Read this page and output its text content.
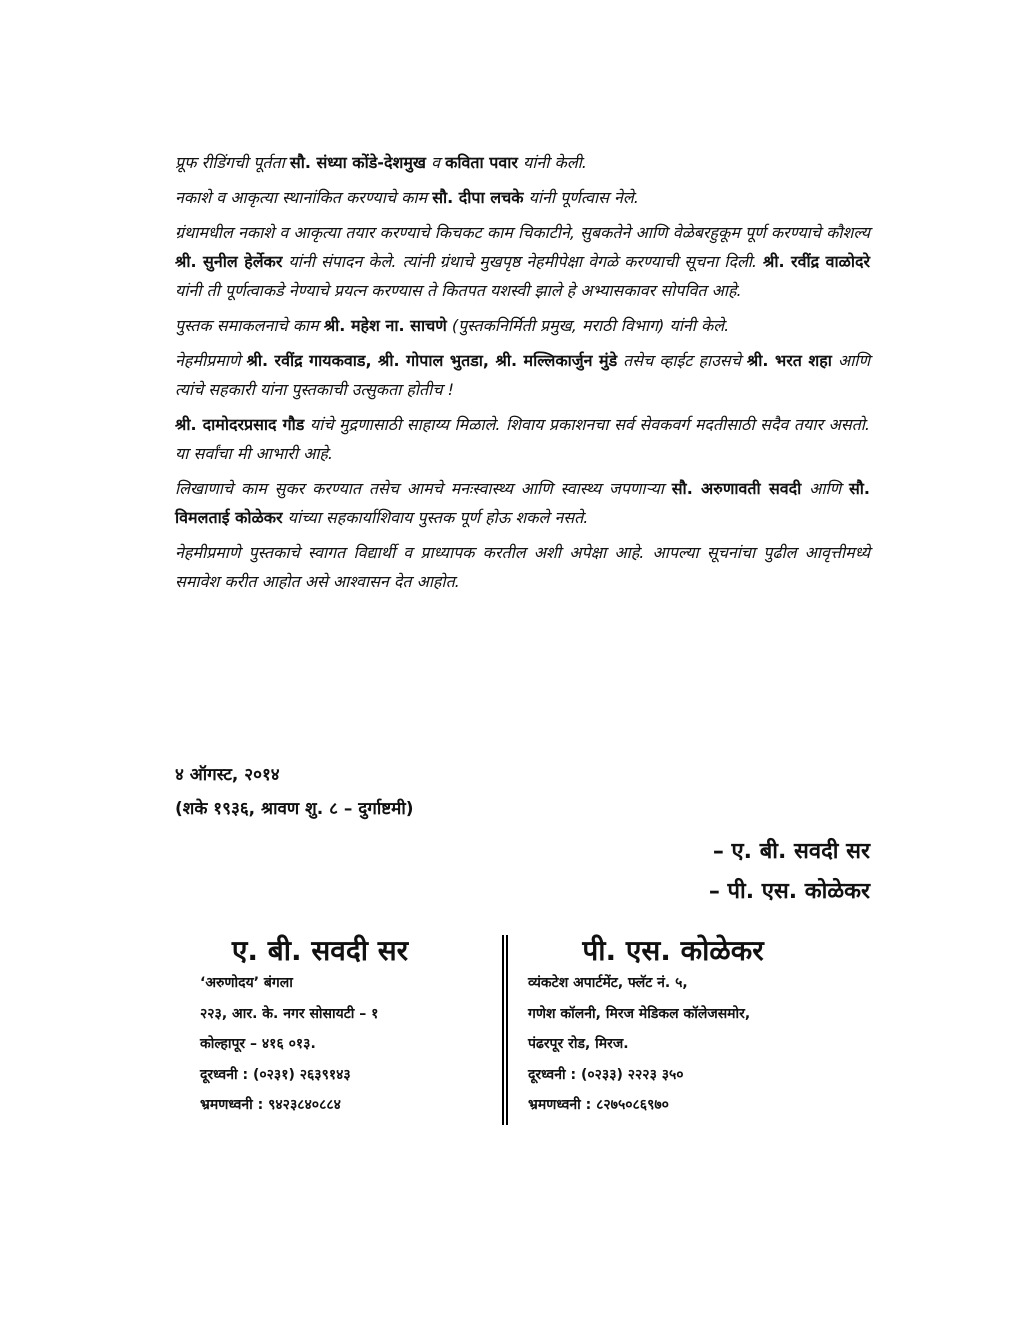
प्रूफ रीडिंगची पूर्तता सौ. संध्या कोंडे-देशमुख व कविता पवार यांनी केली.

नकाशे व आकृत्या स्थानांकित करण्याचे काम सौ. दीपा लचके यांनी पूर्णत्वास नेले.

ग्रंथामधील नकाशे व आकृत्या तयार करण्याचे किचकट काम चिकाटीने, सुबकतेने आणि वेळेबरहुकूम पूर्ण करण्याचे कौशल्य श्री. सुनील हेर्लेकर यांनी संपादन केले. त्यांनी ग्रंथाचे मुखपृष्ठ नेहमीपेक्षा वेगळे करण्याची सूचना दिली. श्री. रवींद्र वाळोदरे यांनी ती पूर्णत्वाकडे नेण्याचे प्रयत्न करण्यास ते कितपत यशस्वी झाले हे अभ्यासकावर सोपवित आहे.

पुस्तक समाकलनाचे काम श्री. महेश ना. साचणे (पुस्तकनिर्मिती प्रमुख, मराठी विभाग) यांनी केले.

नेहमीप्रमाणे श्री. रवींद्र गायकवाड, श्री. गोपाल भुतडा, श्री. मल्लिकार्जुन मुंडे तसेच व्हाईट हाउसचे श्री. भरत शहा आणि त्यांचे सहकारी यांना पुस्तकाची उत्सुकता होतीच !

श्री. दामोदरप्रसाद गौड यांचे मुद्रणासाठी साहाय्य मिळाले. शिवाय प्रकाशनचा सर्व सेवकवर्ग मदतीसाठी सदैव तयार असतो. या सर्वांचा मी आभारी आहे.

लिखाणाचे काम सुकर करण्यात तसेच आमचे मनःस्वास्थ्य आणि स्वास्थ्य जपणाऱ्या सौ. अरुणावती सवदी आणि सौ. विमलताई कोळेकर यांच्या सहकार्याशिवाय पुस्तक पूर्ण होऊ शकले नसते.

नेहमीप्रमाणे पुस्तकाचे स्वागत विद्यार्थी व प्राध्यापक करतील अशी अपेक्षा आहे. आपल्या सूचनांचा पुढील आवृत्तीमध्ये समावेश करीत आहोत असे आश्वासन देत आहोत.

४ ऑगस्ट, २०१४
(शके १९३६, श्रावण शु. ८ – दुर्गाष्टमी)
– ए. बी. सवदी सर
– पी. एस. कोळेकर
ए. बी. सवदी सर
‘अरुणोदय’ बंगला
२२३, आर. के. नगर सोसायटी – १
कोल्हापूर – ४१६ ०१३.
दूरध्वनी : (०२३१) २६३९१४३
भ्रमणध्वनी : ९४२३८४०८८४
पी. एस. कोळेकर
व्यंकटेश अपार्टमेंट, फ्लॅट नं. ५,
गणेश कॉलनी, मिरज मेडिकल कॉलेजसमोर,
पंढरपूर रोड, मिरज.
दूरध्वनी : (०२३३) २२२३ ३५०
भ्रमणध्वनी : ८२७५०८६९७०
